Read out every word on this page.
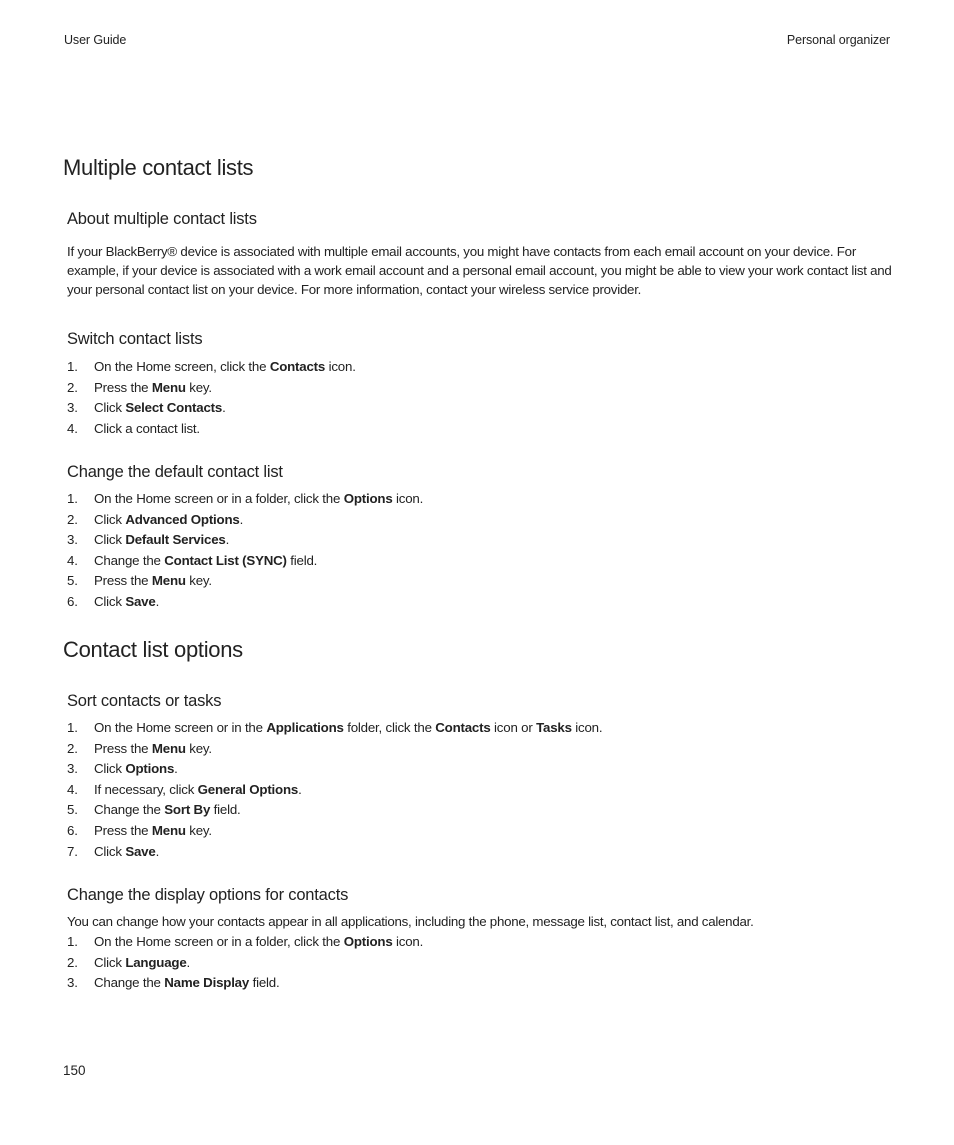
User Guide	Personal organizer
Multiple contact lists
About multiple contact lists

If your BlackBerry® device is associated with multiple email accounts, you might have contacts from each email account on your device. For example, if your device is associated with a work email account and a personal email account, you might be able to view your work contact list and your personal contact list on your device. For more information, contact your wireless service provider.

Switch contact lists
1. On the Home screen, click the Contacts icon.
2. Press the Menu key.
3. Click Select Contacts.
4. Click a contact list.
Change the default contact list
1. On the Home screen or in a folder, click the Options icon.
2. Click Advanced Options.
3. Click Default Services.
4. Change the Contact List (SYNC) field.
5. Press the Menu key.
6. Click Save.
Contact list options
Sort contacts or tasks
1. On the Home screen or in the Applications folder, click the Contacts icon or Tasks icon.
2. Press the Menu key.
3. Click Options.
4. If necessary, click General Options.
5. Change the Sort By field.
6. Press the Menu key.
7. Click Save.
Change the display options for contacts

You can change how your contacts appear in all applications, including the phone, message list, contact list, and calendar.

1. On the Home screen or in a folder, click the Options icon.
2. Click Language.
3. Change the Name Display field.
150
